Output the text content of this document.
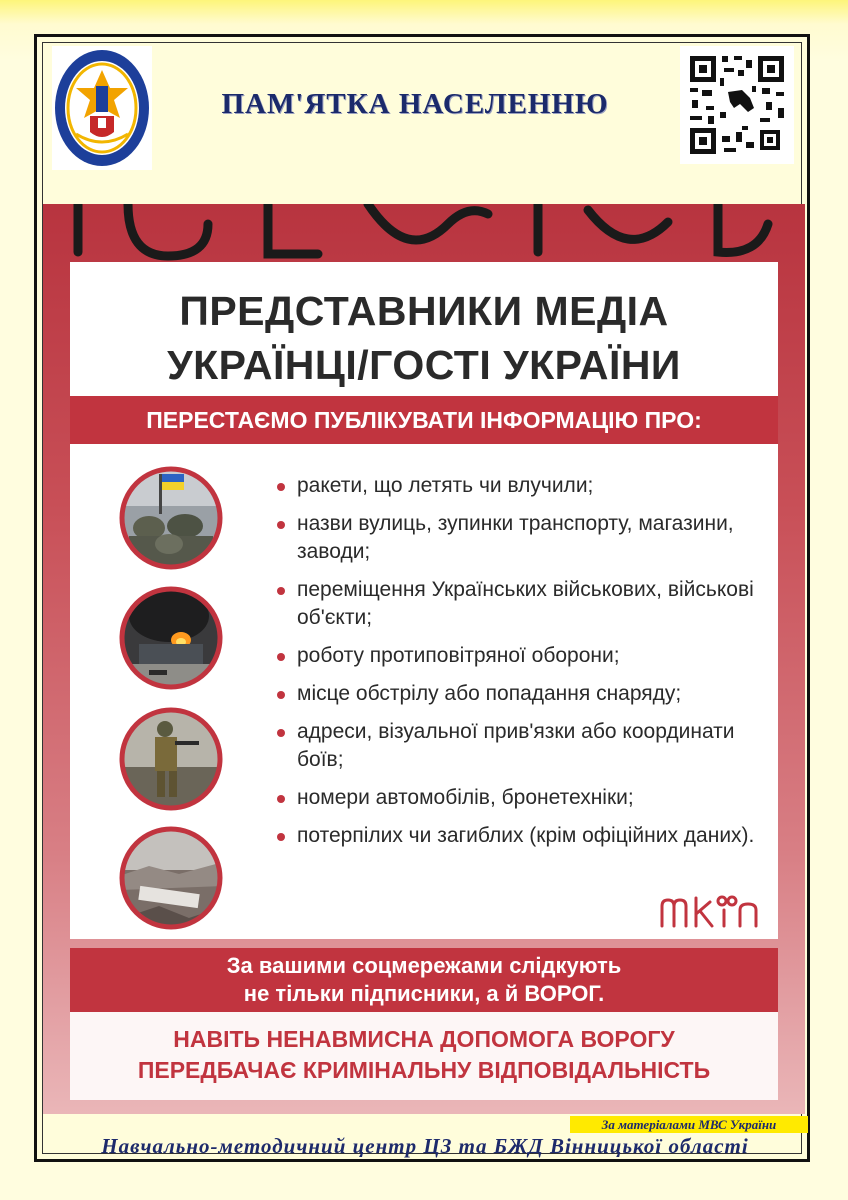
ПАМ'ЯТКА НАСЕЛЕННЮ
ПРЕДСТАВНИКИ МЕДІА
УКРАЇНЦІ/ГОСТІ УКРАЇНИ
ПЕРЕСТАЄМО ПУБЛІКУВАТИ ІНФОРМАЦІЮ ПРО:
ракети, що летять чи влучили;
назви вулиць, зупинки транспорту, магазини, заводи;
переміщення Українських військових, військові об'єкти;
роботу протиповітряної оборони;
місце обстрілу або попадання снаряду;
адреси, візуальної прив'язки або координати боїв;
номери автомобілів, бронетехніки;
потерпілих чи загиблих (крім офіційних даних).
За вашими соцмережами слідкують
не тільки підписники, а й ВОРОГ.
НАВІТЬ НЕНАВМИСНА ДОПОМОГА ВОРОГУ
ПЕРЕДБАЧАЄ КРИМІНАЛЬНУ ВІДПОВІДАЛЬНІСТЬ
За матеріалами МВС України
Навчально-методичний центр ЦЗ та БЖД Вінницької області
